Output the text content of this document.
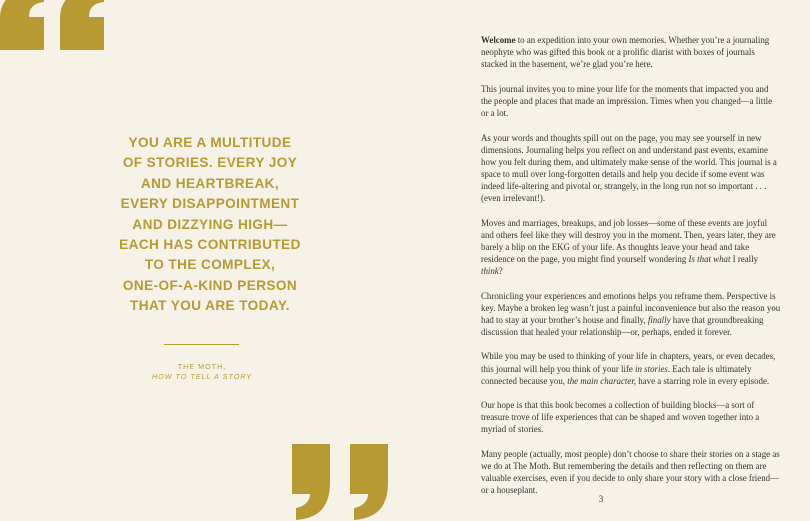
YOU ARE A MULTITUDE
OF STORIES. EVERY JOY
AND HEARTBREAK,
EVERY DISAPPOINTMENT
AND DIZZYING HIGH—
EACH HAS CONTRIBUTED
TO THE COMPLEX,
ONE-OF-A-KIND PERSON
THAT YOU ARE TODAY.

THE MOTH,
HOW TO TELL A STORY

Welcome to an expedition into your own memories. Whether you’re a journaling neophyte who was gifted this book or a prolific diarist with boxes of journals stacked in the basement, we’re glad you’re here.

This journal invites you to mine your life for the moments that impacted you and the people and places that made an impression. Times when you changed—a little or a lot.

As your words and thoughts spill out on the page, you may see yourself in new dimensions. Journaling helps you reflect on and understand past events, examine how you felt during them, and ultimately make sense of the world. This journal is a space to mull over long-forgotten details and help you decide if some event was indeed life-altering and pivotal or, strangely, in the long run not so important . . . (even irrelevant!).

Moves and marriages, breakups, and job losses—some of these events are joyful and others feel like they will destroy you in the moment. Then, years later, they are barely a blip on the EKG of your life. As thoughts leave your head and take residence on the page, you might find yourself wondering Is that what I really think?

Chronicling your experiences and emotions helps you reframe them. Perspective is key. Maybe a broken leg wasn’t just a painful inconvenience but also the reason you had to stay at your brother’s house and finally, finally have that groundbreaking discussion that healed your relationship—or, perhaps, ended it forever.

While you may be used to thinking of your life in chapters, years, or even decades, this journal will help you think of your life in stories. Each tale is ultimately connected because you, the main character, have a starring role in every episode.

Our hope is that this book becomes a collection of building blocks—a sort of treasure trove of life experiences that can be shaped and woven together into a myriad of stories.

Many people (actually, most people) don’t choose to share their stories on a stage as we do at The Moth. But remembering the details and then reflecting on them are valuable exercises, even if you decide to only share your story with a close friend—or a houseplant.

3
